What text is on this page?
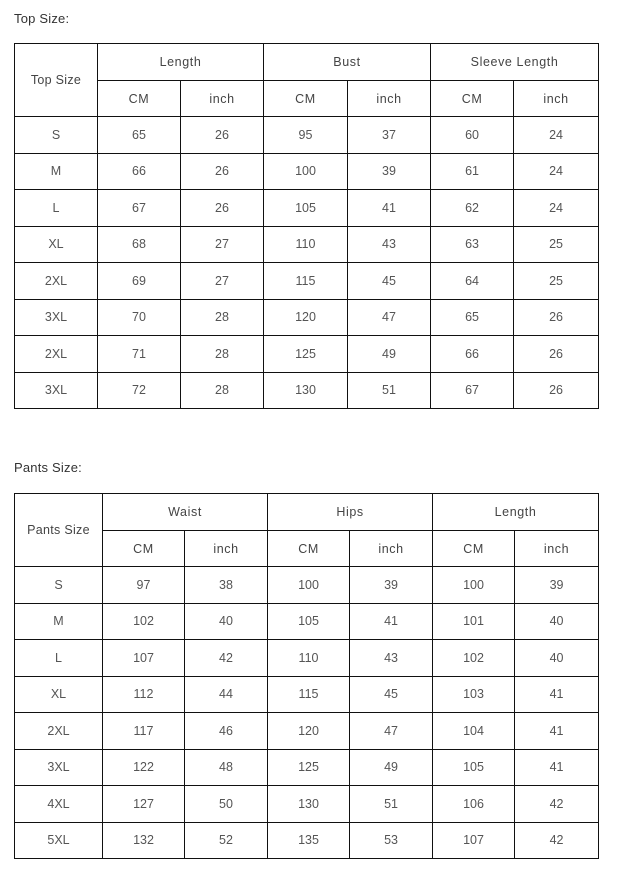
Top Size:
Top Size	Length		Bust		Sleeve Length	
	CM	inch	CM	inch	CM	inch
S	65	26	95	37	60	24
M	66	26	100	39	61	24
L	67	26	105	41	62	24
XL	68	27	110	43	63	25
2XL	69	27	115	45	64	25
3XL	70	28	120	47	65	26
2XL	71	28	125	49	66	26
3XL	72	28	130	51	67	26
Pants Size:
Pants Size	Waist		Hips		Length	
	CM	inch	CM	inch	CM	inch
S	97	38	100	39	100	39
M	102	40	105	41	101	40
L	107	42	110	43	102	40
XL	112	44	115	45	103	41
2XL	117	46	120	47	104	41
3XL	122	48	125	49	105	41
4XL	127	50	130	51	106	42
5XL	132	52	135	53	107	42
